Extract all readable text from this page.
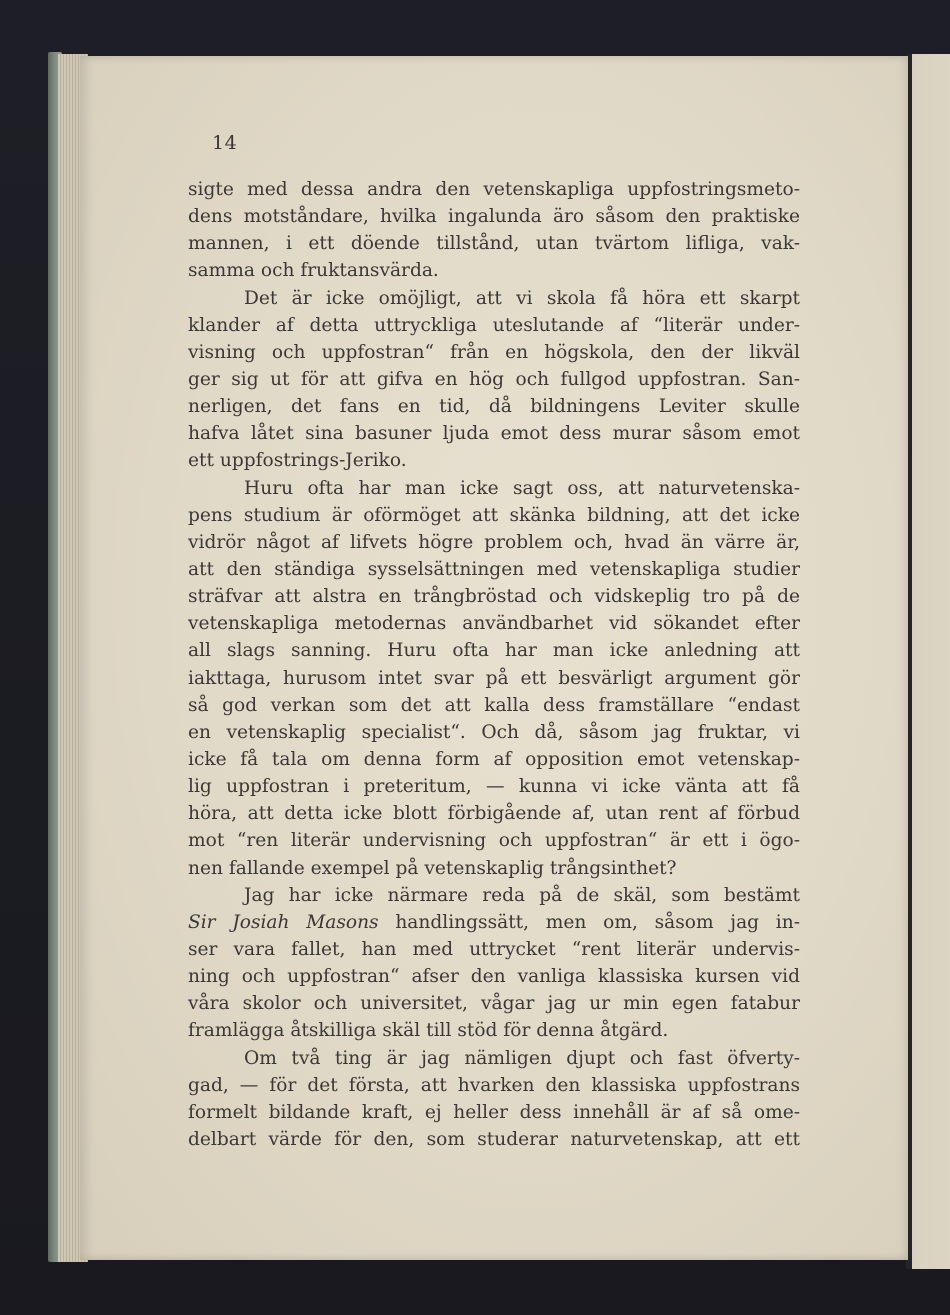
14
sigte med dessa andra den vetenskapliga uppfostringsmeto-
dens motståndare, hvilka ingalunda äro såsom den praktiske
mannen, i ett döende tillstånd, utan tvärtom lifliga, vak-
samma och fruktansvärda.
Det är icke omöjligt, att vi skola få höra ett skarpt
klander af detta uttryckliga uteslutande af “literär under-
visning och uppfostran“ från en högskola, den der likväl
ger sig ut för att gifva en hög och fullgod uppfostran. San-
nerligen, det fans en tid, då bildningens Leviter skulle
hafva låtet sina basuner ljuda emot dess murar såsom emot
ett uppfostrings-Jeriko.
Huru ofta har man icke sagt oss, att naturvetenska-
pens studium är oförmöget att skänka bildning, att det icke
vidrör något af lifvets högre problem och, hvad än värre är,
att den ständiga sysselsättningen med vetenskapliga studier
sträfvar att alstra en trångbröstad och vidskeplig tro på de
vetenskapliga metodernas användbarhet vid sökandet efter
all slags sanning. Huru ofta har man icke anledning att
iakttaga, hurusom intet svar på ett besvärligt argument gör
så god verkan som det att kalla dess framställare “endast
en vetenskaplig specialist“. Och då, såsom jag fruktar, vi
icke få tala om denna form af opposition emot vetenskap-
lig uppfostran i preteritum, — kunna vi icke vänta att få
höra, att detta icke blott förbigående af, utan rent af förbud
mot “ren literär undervisning och uppfostran“ är ett i ögo-
nen fallande exempel på vetenskaplig trångsinthet?
Jag har icke närmare reda på de skäl, som bestämt
Sir Josiah Masons handlingssätt, men om, såsom jag in-
ser vara fallet, han med uttrycket “rent literär undervis-
ning och uppfostran“ afser den vanliga klassiska kursen vid
våra skolor och universitet, vågar jag ur min egen fatabur
framlägga åtskilliga skäl till stöd för denna åtgärd.
Om två ting är jag nämligen djupt och fast öfverty-
gad, — för det första, att hvarken den klassiska uppfostrans
formelt bildande kraft, ej heller dess innehåll är af så ome-
delbart värde för den, som studerar naturvetenskap, att ett
